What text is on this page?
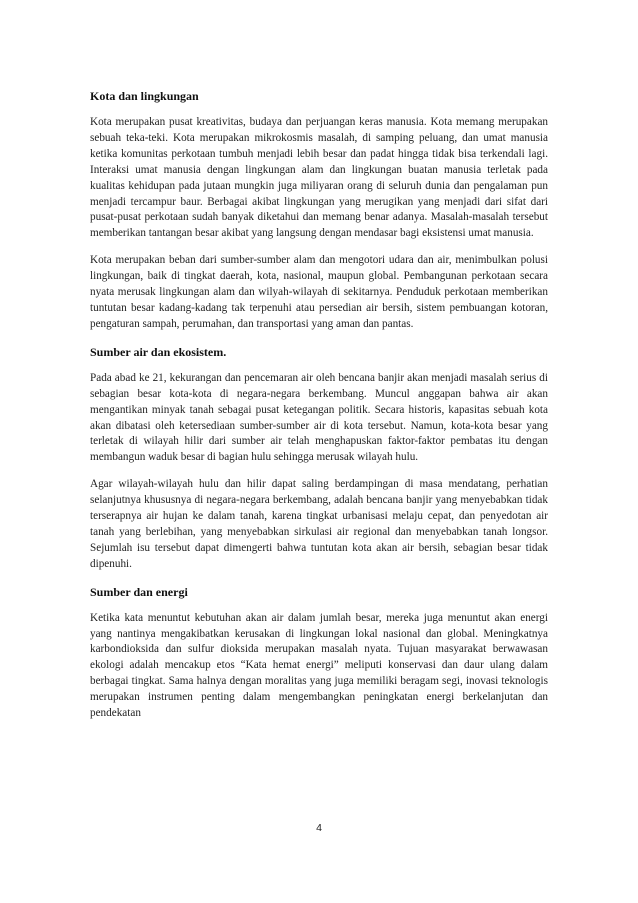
Kota dan lingkungan

Kota merupakan pusat kreativitas, budaya dan perjuangan keras manusia. Kota memang merupakan sebuah teka-teki. Kota merupakan mikrokosmis masalah, di samping peluang, dan umat manusia ketika komunitas perkotaan tumbuh menjadi lebih besar dan padat hingga tidak bisa terkendali lagi. Interaksi umat manusia dengan lingkungan alam dan lingkungan buatan manusia terletak pada kualitas kehidupan pada jutaan mungkin juga miliyaran orang di seluruh dunia dan pengalaman pun menjadi tercampur baur. Berbagai akibat lingkungan yang merugikan yang menjadi dari sifat dari pusat-pusat perkotaan sudah banyak diketahui dan memang benar adanya. Masalah-masalah tersebut memberikan tantangan besar akibat yang langsung dengan mendasar bagi eksistensi umat manusia.

Kota merupakan beban dari sumber-sumber alam dan mengotori udara dan air, menimbulkan polusi lingkungan, baik di tingkat daerah, kota, nasional, maupun global. Pembangunan perkotaan secara nyata merusak lingkungan alam dan wilyah-wilayah di sekitarnya. Penduduk perkotaan memberikan tuntutan besar kadang-kadang tak terpenuhi atau persedian air bersih, sistem pembuangan kotoran, pengaturan sampah, perumahan, dan transportasi yang aman dan pantas.

Sumber air dan ekosistem.

Pada abad ke 21, kekurangan dan pencemaran air oleh bencana banjir akan menjadi masalah serius di sebagian besar kota-kota di negara-negara berkembang. Muncul anggapan bahwa air akan mengantikan minyak tanah sebagai pusat ketegangan politik. Secara historis, kapasitas sebuah kota akan dibatasi oleh ketersediaan sumber-sumber air di kota tersebut. Namun, kota-kota besar yang terletak di wilayah hilir dari sumber air telah menghapuskan faktor-faktor pembatas itu dengan membangun waduk besar di bagian hulu sehingga merusak wilayah hulu.

Agar wilayah-wilayah hulu dan hilir dapat saling berdampingan di masa mendatang, perhatian selanjutnya khususnya di negara-negara berkembang, adalah bencana banjir yang menyebabkan tidak terserapnya air hujan ke dalam tanah, karena tingkat urbanisasi melaju cepat, dan penyedotan air tanah yang berlebihan, yang menyebabkan sirkulasi air regional dan menyebabkan tanah longsor. Sejumlah isu tersebut dapat dimengerti bahwa tuntutan kota akan air bersih, sebagian besar tidak dipenuhi.

Sumber dan energi

Ketika kata menuntut kebutuhan akan air dalam jumlah besar, mereka juga menuntut akan energi yang nantinya mengakibatkan kerusakan di lingkungan lokal nasional dan global. Meningkatnya karbondioksida dan sulfur dioksida merupakan masalah nyata. Tujuan masyarakat berwawasan ekologi adalah mencakup etos “Kata hemat energi” meliputi konservasi dan daur ulang dalam berbagai tingkat. Sama halnya dengan moralitas yang juga memiliki beragam segi, inovasi teknologis merupakan instrumen penting dalam mengembangkan peningkatan energi berkelanjutan dan pendekatan

4
